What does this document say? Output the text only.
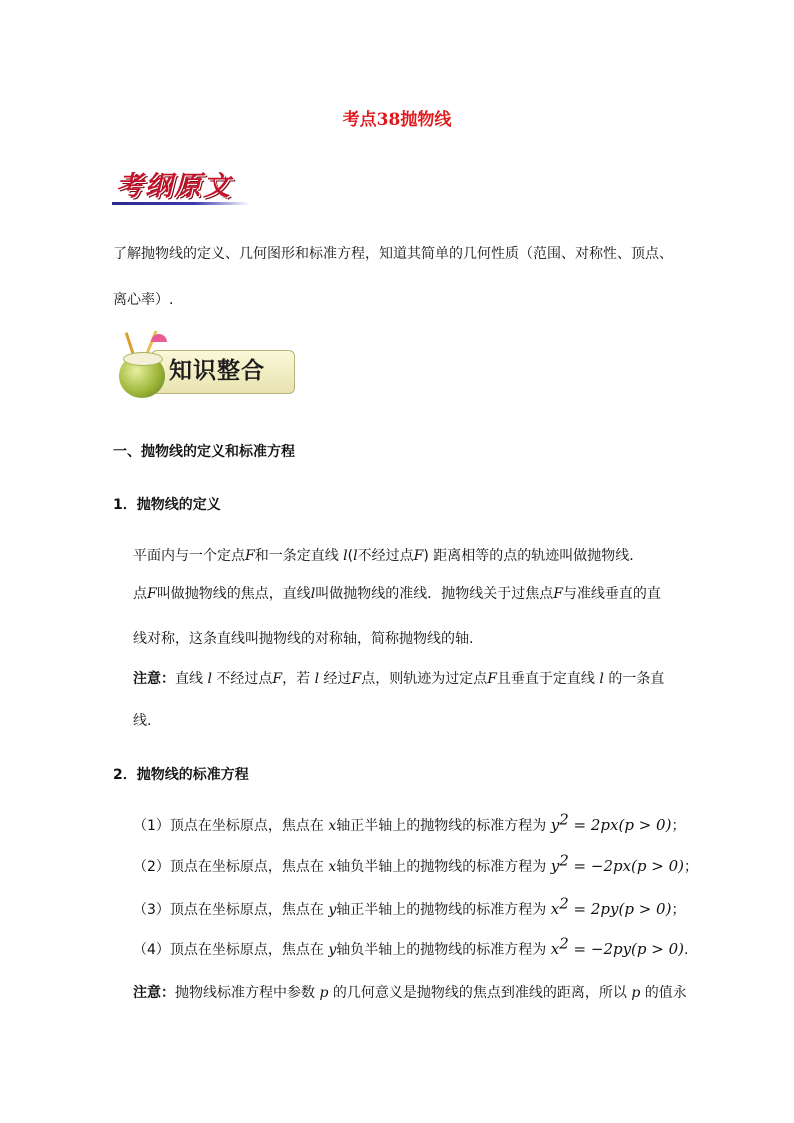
考点38抛物线
考纲原文
了解抛物线的定义、几何图形和标准方程，知道其简单的几何性质（范围、对称性、顶点、
离心率）.
知识整合
一、抛物线的定义和标准方程
1．抛物线的定义
平面内与一个定点F和一条定直线 l(l不经过点F) 距离相等的点的轨迹叫做抛物线.
点F叫做抛物线的焦点，直线l叫做抛物线的准线．抛物线关于过焦点F与准线垂直的直
线对称，这条直线叫抛物线的对称轴，简称抛物线的轴.
注意：直线 l 不经过点F，若 l 经过F点，则轨迹为过定点F且垂直于定直线 l 的一条直
线.
2．抛物线的标准方程
（1）顶点在坐标原点，焦点在 x轴正半轴上的抛物线的标准方程为 $y^2 = 2px(p > 0)$；
（2）顶点在坐标原点，焦点在 x轴负半轴上的抛物线的标准方程为 $y^2 = -2px(p > 0)$；
（3）顶点在坐标原点，焦点在 y轴正半轴上的抛物线的标准方程为 $x^2 = 2py(p > 0)$；
（4）顶点在坐标原点，焦点在 y轴负半轴上的抛物线的标准方程为 $x^2 = -2py(p > 0)$.
注意：抛物线标准方程中参数 p 的几何意义是抛物线的焦点到准线的距离，所以 p 的值永
